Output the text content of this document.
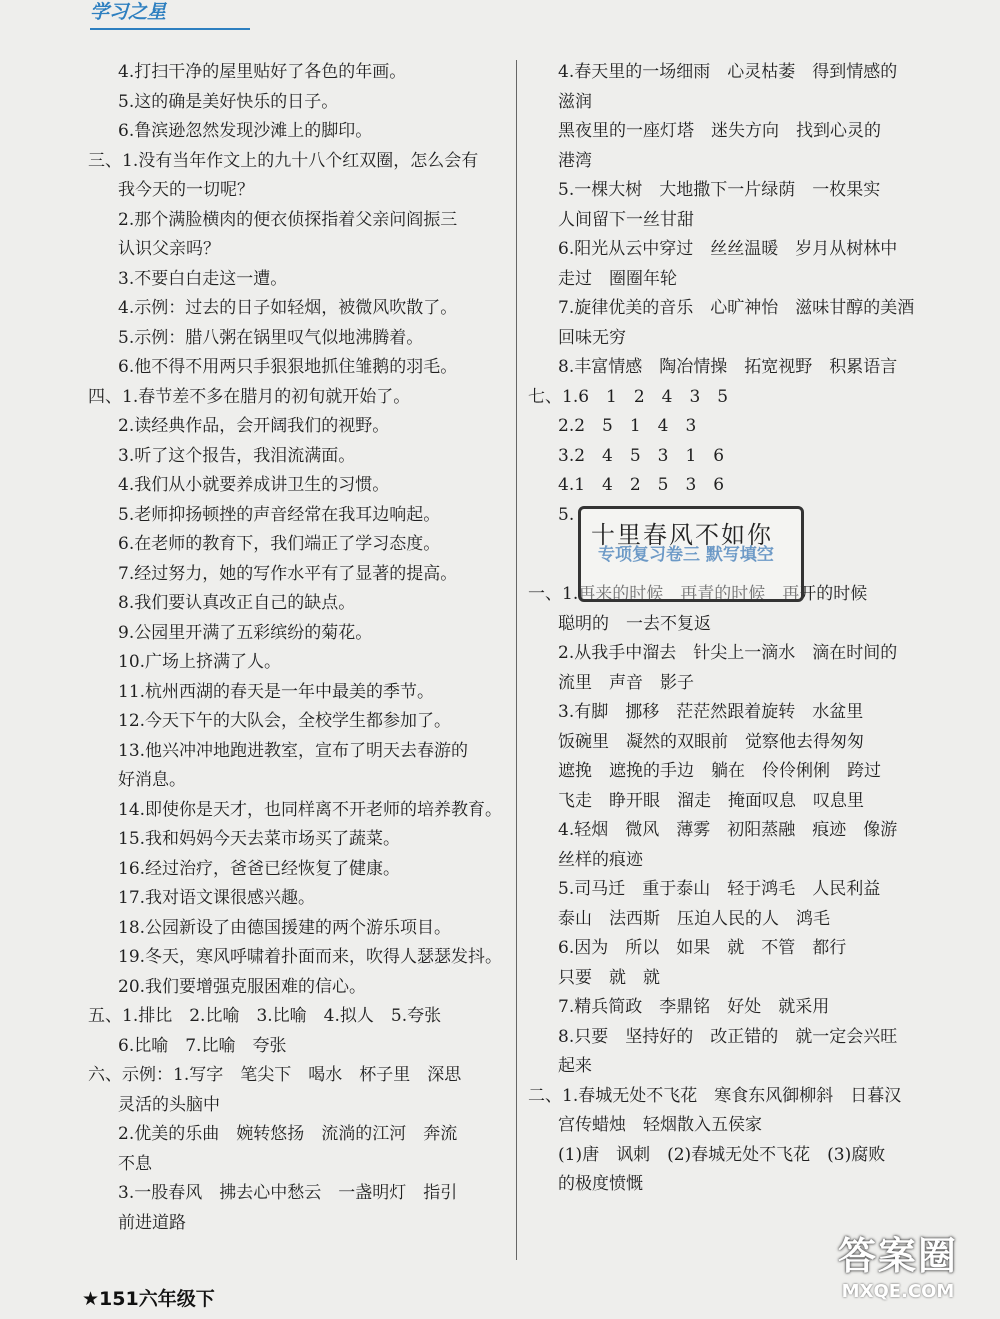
学习之星
4.打扫干净的屋里贴好了各色的年画。
5.这的确是美好快乐的日子。
6.鲁滨逊忽然发现沙滩上的脚印。
三、1.没有当年作文上的九十八个红双圈，怎么会有
我今天的一切呢？
2.那个满脸横肉的便衣侦探指着父亲问阎振三
认识父亲吗？
3.不要白白走这一遭。
4.示例：过去的日子如轻烟，被微风吹散了。
5.示例：腊八粥在锅里叹气似地沸腾着。
6.他不得不用两只手狠狠地抓住雏鹅的羽毛。
四、1.春节差不多在腊月的初旬就开始了。
2.读经典作品，会开阔我们的视野。
3.听了这个报告，我泪流满面。
4.我们从小就要养成讲卫生的习惯。
5.老师抑扬顿挫的声音经常在我耳边响起。
6.在老师的教育下，我们端正了学习态度。
7.经过努力，她的写作水平有了显著的提高。
8.我们要认真改正自己的缺点。
9.公园里开满了五彩缤纷的菊花。
10.广场上挤满了人。
11.杭州西湖的春天是一年中最美的季节。
12.今天下午的大队会，全校学生都参加了。
13.他兴冲冲地跑进教室，宣布了明天去春游的
好消息。
14.即使你是天才，也同样离不开老师的培养教育。
15.我和妈妈今天去菜市场买了蔬菜。
16.经过治疗，爸爸已经恢复了健康。
17.我对语文课很感兴趣。
18.公园新设了由德国援建的两个游乐项目。
19.冬天，寒风呼啸着扑面而来，吹得人瑟瑟发抖。
20.我们要增强克服困难的信心。
五、1.排比　2.比喻　3.比喻　4.拟人　5.夸张
6.比喻　7.比喻　夸张
六、示例：1.写字　笔尖下　喝水　杯子里　深思
灵活的头脑中
2.优美的乐曲　婉转悠扬　流淌的江河　奔流
不息
3.一股春风　拂去心中愁云　一盏明灯　指引
前进道路
4.春天里的一场细雨　心灵枯萎　得到情感的
滋润
黑夜里的一座灯塔　迷失方向　找到心灵的
港湾
5.一棵大树　大地撒下一片绿荫　一枚果实
人间留下一丝甘甜
6.阳光从云中穿过　丝丝温暖　岁月从树林中
走过　圈圈年轮
7.旋律优美的音乐　心旷神怡　滋味甘醇的美酒
回味无穷
8.丰富情感　陶冶情操　拓宽视野　积累语言
七、1.6　1　2　4　3　5
2.2　5　1　4　3
3.2　4　5　3　1　6
4.1　4　2　5　3　6
5.
专项复习卷三 默写填空
一、1.再来的时候　再青的时候　再开的时候
聪明的　一去不复返
2.从我手中溜去　针尖上一滴水　滴在时间的
流里　声音　影子
3.有脚　挪移　茫茫然跟着旋转　水盆里
饭碗里　凝然的双眼前　觉察他去得匆匆
遮挽　遮挽的手边　躺在　伶伶俐俐　跨过
飞走　睁开眼　溜走　掩面叹息　叹息里
4.轻烟　微风　薄雾　初阳蒸融　痕迹　像游
丝样的痕迹
5.司马迁　重于泰山　轻于鸿毛　人民利益
泰山　法西斯　压迫人民的人　鸿毛
6.因为　所以　如果　就　不管　都行
只要　就　就
7.精兵简政　李鼎铭　好处　就采用
8.只要　坚持好的　改正错的　就一定会兴旺
起来
二、1.春城无处不飞花　寒食东风御柳斜　日暮汉
宫传蜡烛　轻烟散入五侯家
(1)唐　讽刺　(2)春城无处不飞花　(3)腐败
的极度愤慨
十里春风不如你
★151六年级下
答案圈
MXQE.COM
